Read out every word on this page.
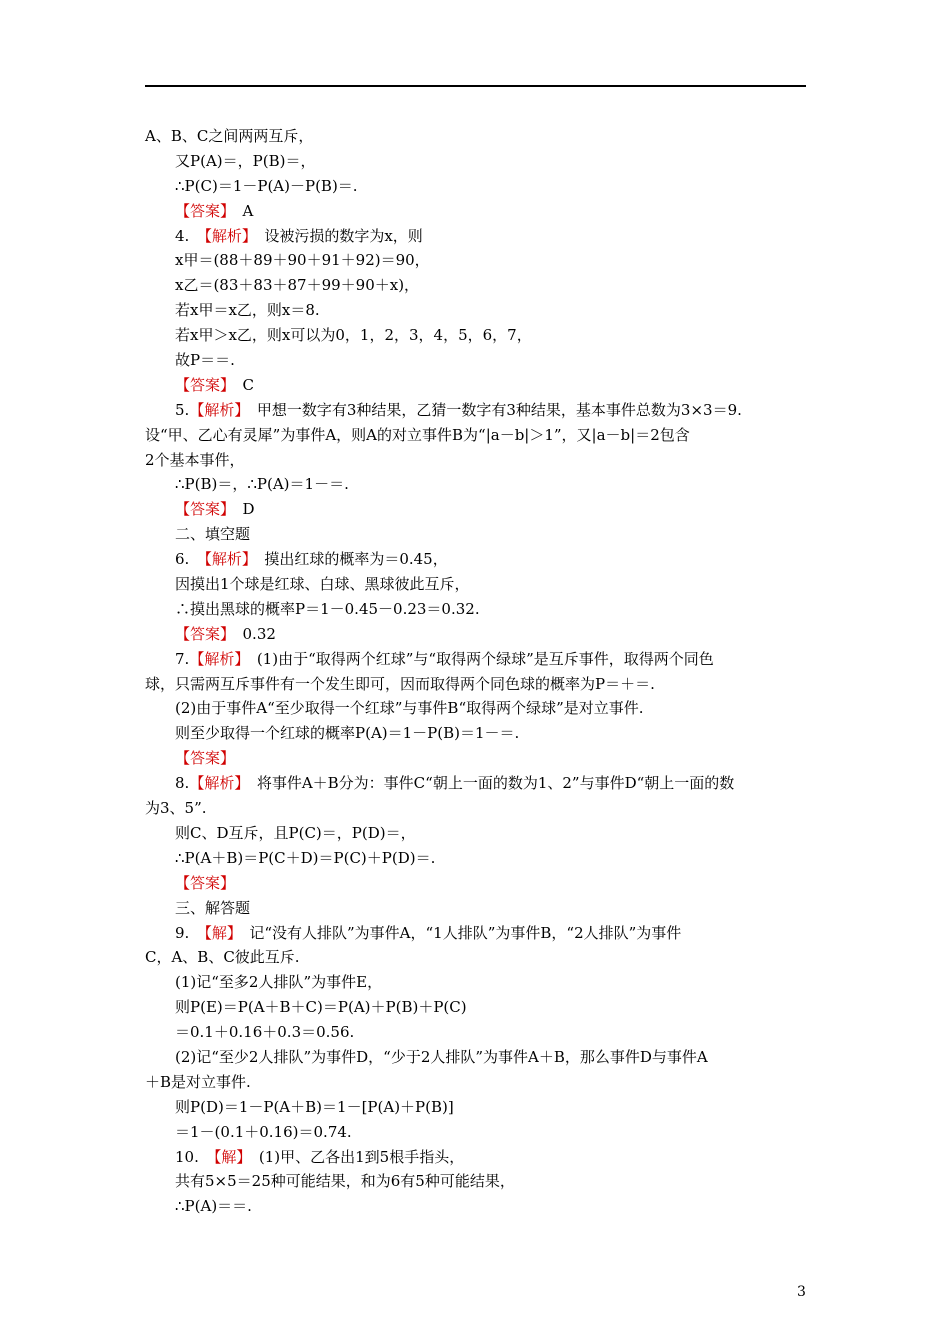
A、B、C之间两两互斥，
又P(A)＝，P(B)＝，
∴P(C)＝1－P(A)－P(B)＝.
【答案】　A
4.　【解析】　设被污损的数字为x，则
x甲＝(88＋89＋90＋91＋92)＝90，
x乙＝(83＋83＋87＋99＋90＋x)，
若x甲＝x乙，则x＝8.
若x甲＞x乙，则x可以为0，1，2，3，4，5，6，7，
故P＝＝.
【答案】　C
5.【解析】　甲想一数字有3种结果，乙猜一数字有3种结果，基本事件总数为3×3＝9.
设“甲、乙心有灵犀”为事件A，则A的对立事件B为“|a－b|＞1”，又|a－b|＝2包含
2个基本事件，
∴P(B)＝，∴P(A)＝1－＝.
【答案】　D
二、填空题
6.　【解析】　摸出红球的概率为＝0.45，
因摸出1个球是红球、白球、黑球彼此互斥，
∴摸出黑球的概率P＝1－0.45－0.23＝0.32.
【答案】　0.32
7.【解析】　(1)由于“取得两个红球”与“取得两个绿球”是互斥事件，取得两个同色
球，只需两互斥事件有一个发生即可，因而取得两个同色球的概率为P＝＋＝.
(2)由于事件A“至少取得一个红球”与事件B“取得两个绿球”是对立事件.
则至少取得一个红球的概率P(A)＝1－P(B)＝1－＝.
【答案】
8.【解析】　将事件A＋B分为：事件C“朝上一面的数为1、2”与事件D“朝上一面的数
为3、5”.
则C、D互斥，且P(C)＝，P(D)＝，
∴P(A＋B)＝P(C＋D)＝P(C)＋P(D)＝.
【答案】
三、解答题
9.　【解】　记“没有人排队”为事件A，“1人排队”为事件B，“2人排队”为事件
C，A、B、C彼此互斥.
(1)记“至多2人排队”为事件E，
则P(E)＝P(A＋B＋C)＝P(A)＋P(B)＋P(C)
＝0.1＋0.16＋0.3＝0.56.
(2)记“至少2人排队”为事件D，“少于2人排队”为事件A＋B，那么事件D与事件A
＋B是对立事件.
则P(D)＝1－P(A＋B)＝1－[P(A)＋P(B)]
＝1－(0.1＋0.16)＝0.74.
10.　【解】　(1)甲、乙各出1到5根手指头，
共有5×5＝25种可能结果，和为6有5种可能结果，
∴P(A)＝＝.
3
